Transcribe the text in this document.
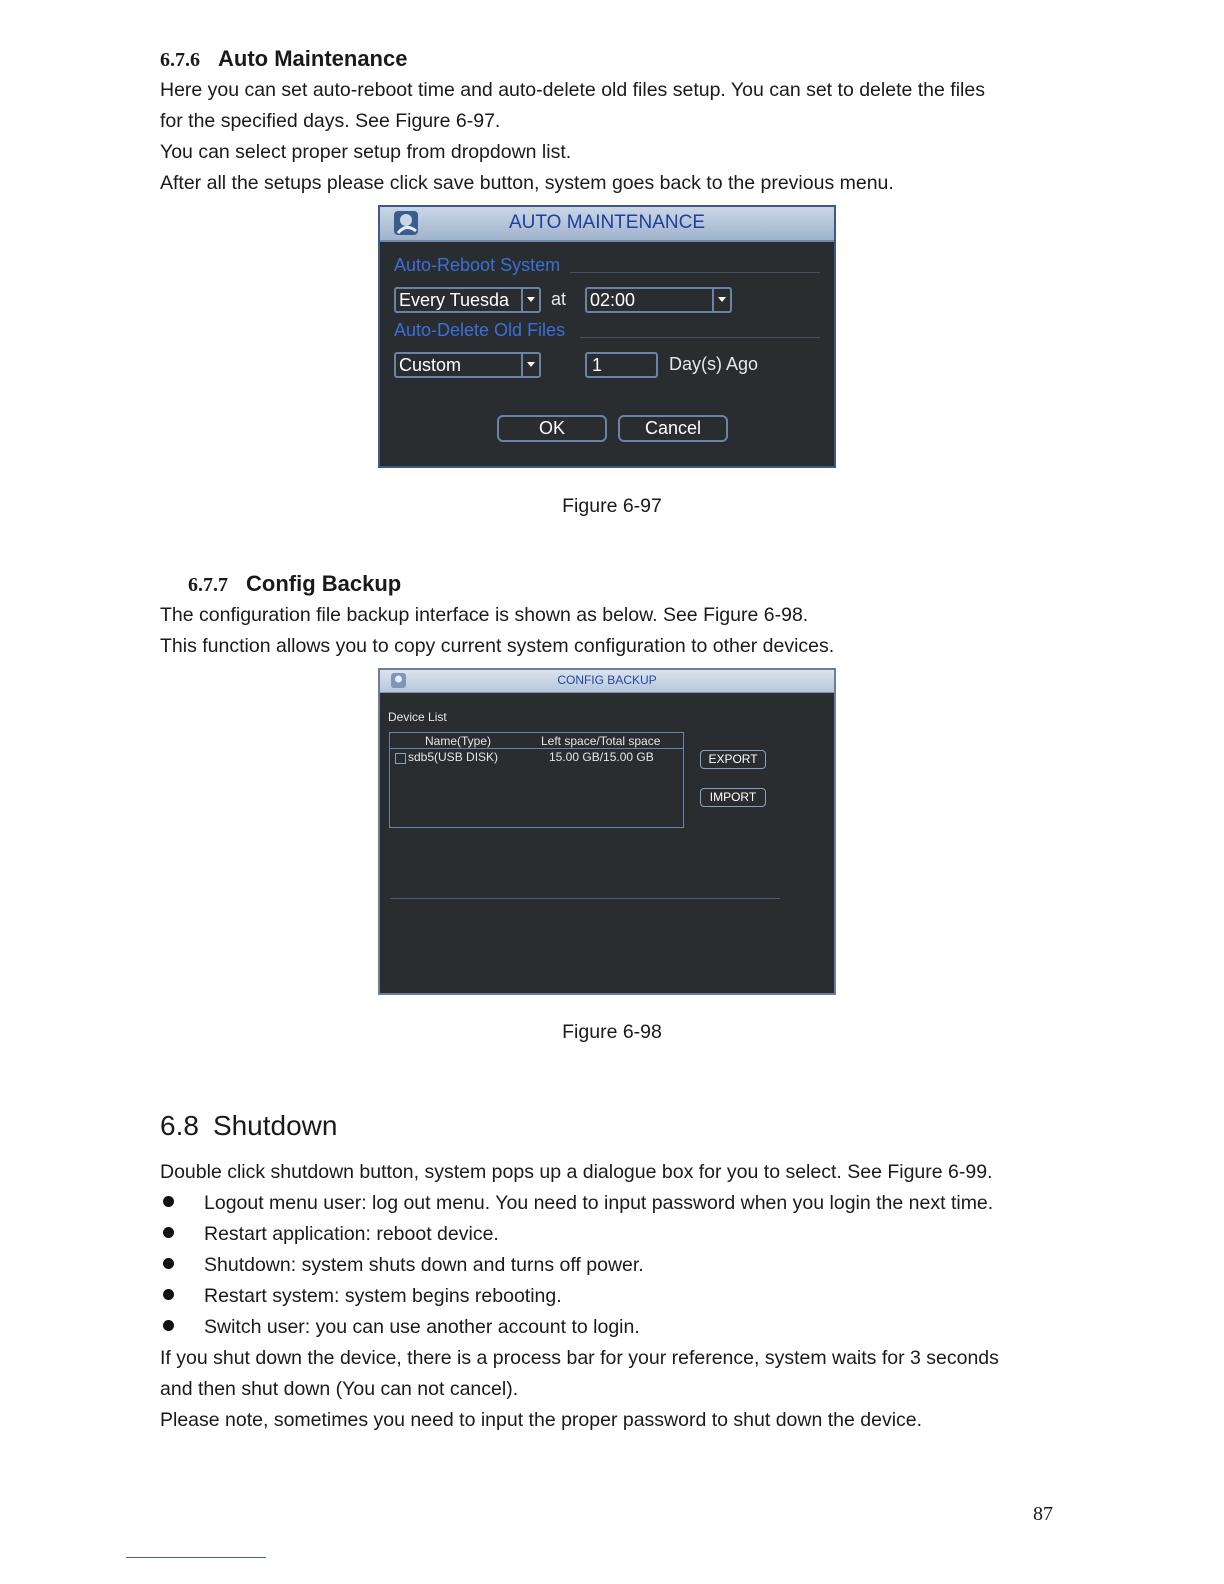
6.7.6 Auto Maintenance
Here you can set auto-reboot time and auto-delete old files setup. You can set to delete the files
for the specified days. See Figure 6-97.
You can select proper setup from dropdown list.
After all the setups please click save button, system goes back to the previous menu.
AUTO MAINTENANCE
Auto-Reboot System
Every Tuesda	at 02:00
Auto-Delete Old Files
Custom	1	Day(s) Ago
OK	Cancel
Figure 6-97
6.7.7 Config Backup
The configuration file backup interface is shown as below. See Figure 6-98.
This function allows you to copy current system configuration to other devices.
CONFIG BACKUP
Device List
Name(Type)	Left space/Total space
sdb5(USB DISK)	15.00 GB/15.00 GB	EXPORT
IMPORT
Figure 6-98
6.8 Shutdown
Double click shutdown button, system pops up a dialogue box for you to select. See Figure 6-99.
Logout menu user: log out menu. You need to input password when you login the next time.
Restart application: reboot device.
Shutdown: system shuts down and turns off power.
Restart system: system begins rebooting.
Switch user: you can use another account to login.
If you shut down the device, there is a process bar for your reference, system waits for 3 seconds
and then shut down (You can not cancel).
Please note, sometimes you need to input the proper password to shut down the device.
87
